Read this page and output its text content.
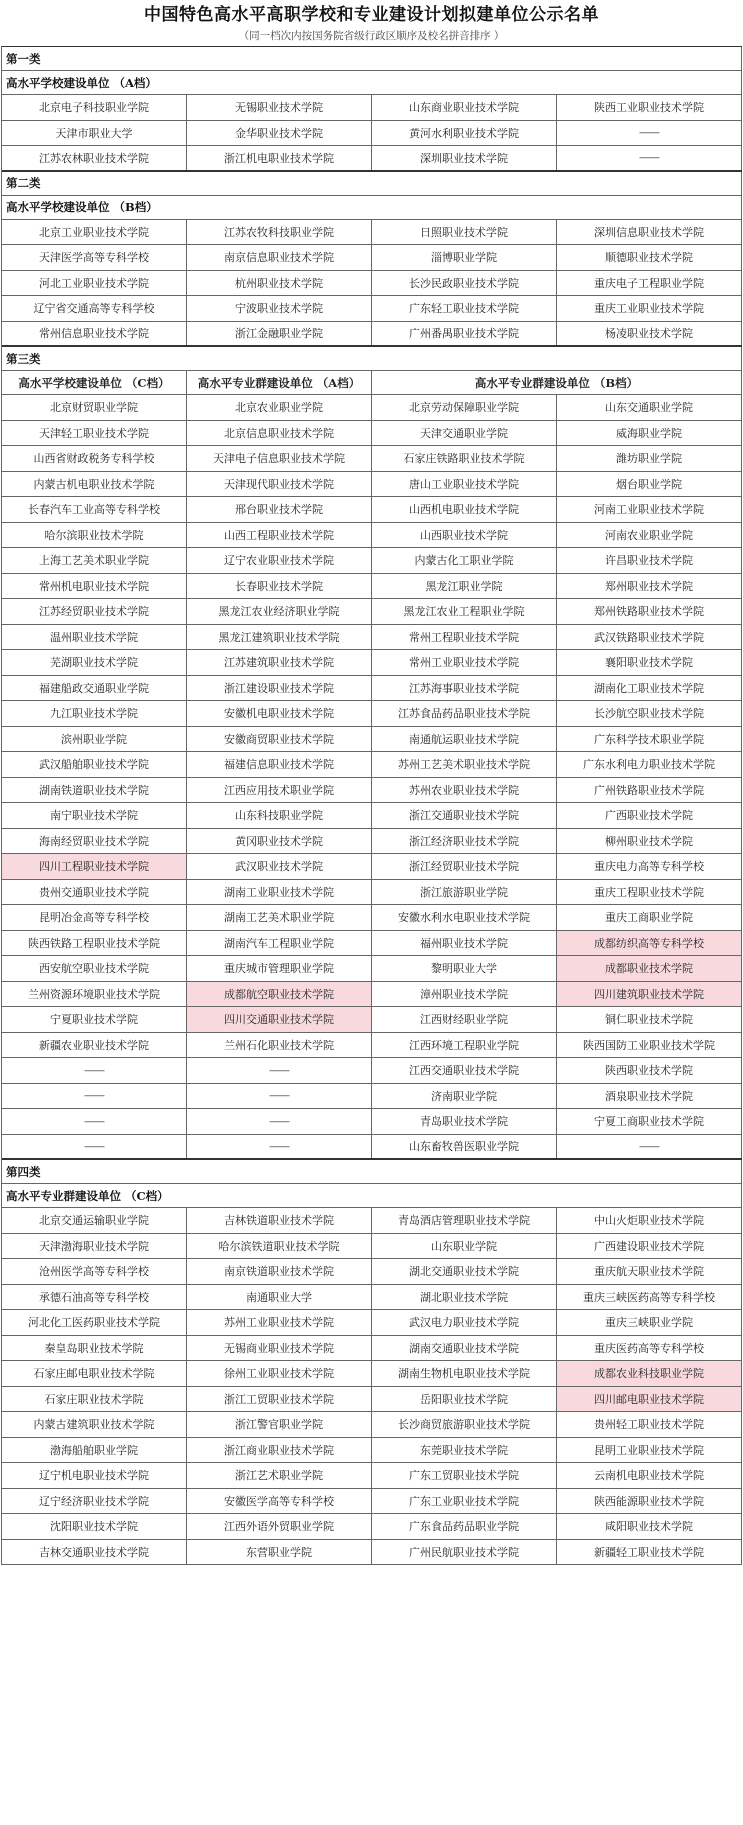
中国特色高水平高职学校和专业建设计划拟建单位公示名单
（同一档次内按国务院省级行政区顺序及校名拼音排序 ）
第一类
高水平学校建设单位 （A档）
北京电子科技职业学院	无锡职业技术学院	山东商业职业技术学院	陕西工业职业技术学院
天津市职业大学	金华职业技术学院	黄河水利职业技术学院	——
江苏农林职业技术学院	浙江机电职业技术学院	深圳职业技术学院	——
第二类
高水平学校建设单位 （B档）
北京工业职业技术学院	江苏农牧科技职业学院	日照职业技术学院	深圳信息职业技术学院
天津医学高等专科学校	南京信息职业技术学院	淄博职业学院	顺德职业技术学院
河北工业职业技术学院	杭州职业技术学院	长沙民政职业技术学院	重庆电子工程职业学院
辽宁省交通高等专科学校	宁波职业技术学院	广东轻工职业技术学院	重庆工业职业技术学院
常州信息职业技术学院	浙江金融职业学院	广州番禺职业技术学院	杨凌职业技术学院
第三类
高水平学校建设单位 （C档）	高水平专业群建设单位 （A档）	高水平专业群建设单位 （B档）
北京财贸职业学院	北京农业职业学院	北京劳动保障职业学院	山东交通职业学院
天津轻工职业技术学院	北京信息职业技术学院	天津交通职业学院	威海职业学院
山西省财政税务专科学校	天津电子信息职业技术学院	石家庄铁路职业技术学院	潍坊职业学院
内蒙古机电职业技术学院	天津现代职业技术学院	唐山工业职业技术学院	烟台职业学院
长春汽车工业高等专科学校	邢台职业技术学院	山西机电职业技术学院	河南工业职业技术学院
哈尔滨职业技术学院	山西工程职业技术学院	山西职业技术学院	河南农业职业学院
上海工艺美术职业学院	辽宁农业职业技术学院	内蒙古化工职业学院	许昌职业技术学院
常州机电职业技术学院	长春职业技术学院	黑龙江职业学院	郑州职业技术学院
江苏经贸职业技术学院	黑龙江农业经济职业学院	黑龙江农业工程职业学院	郑州铁路职业技术学院
温州职业技术学院	黑龙江建筑职业技术学院	常州工程职业技术学院	武汉铁路职业技术学院
芜湖职业技术学院	江苏建筑职业技术学院	常州工业职业技术学院	襄阳职业技术学院
福建船政交通职业学院	浙江建设职业技术学院	江苏海事职业技术学院	湖南化工职业技术学院
九江职业技术学院	安徽机电职业技术学院	江苏食品药品职业技术学院	长沙航空职业技术学院
滨州职业学院	安徽商贸职业技术学院	南通航运职业技术学院	广东科学技术职业学院
武汉船舶职业技术学院	福建信息职业技术学院	苏州工艺美术职业技术学院	广东水利电力职业技术学院
湖南铁道职业技术学院	江西应用技术职业学院	苏州农业职业技术学院	广州铁路职业技术学院
南宁职业技术学院	山东科技职业学院	浙江交通职业技术学院	广西职业技术学院
海南经贸职业技术学院	黄冈职业技术学院	浙江经济职业技术学院	柳州职业技术学院
四川工程职业技术学院	武汉职业技术学院	浙江经贸职业技术学院	重庆电力高等专科学校
贵州交通职业技术学院	湖南工业职业技术学院	浙江旅游职业学院	重庆工程职业技术学院
昆明冶金高等专科学校	湖南工艺美术职业学院	安徽水利水电职业技术学院	重庆工商职业学院
陕西铁路工程职业技术学院	湖南汽车工程职业学院	福州职业技术学院	成都纺织高等专科学校
西安航空职业技术学院	重庆城市管理职业学院	黎明职业大学	成都职业技术学院
兰州资源环境职业技术学院	成都航空职业技术学院	漳州职业技术学院	四川建筑职业技术学院
宁夏职业技术学院	四川交通职业技术学院	江西财经职业学院	铜仁职业技术学院
新疆农业职业技术学院	兰州石化职业技术学院	江西环境工程职业学院	陕西国防工业职业技术学院
——	——	江西交通职业技术学院	陕西职业技术学院
——	——	济南职业学院	酒泉职业技术学院
——	——	青岛职业技术学院	宁夏工商职业技术学院
——	——	山东畜牧兽医职业学院	——
第四类
高水平专业群建设单位 （C档）
北京交通运输职业学院	吉林铁道职业技术学院	青岛酒店管理职业技术学院	中山火炬职业技术学院
天津渤海职业技术学院	哈尔滨铁道职业技术学院	山东职业学院	广西建设职业技术学院
沧州医学高等专科学校	南京铁道职业技术学院	湖北交通职业技术学院	重庆航天职业技术学院
承德石油高等专科学校	南通职业大学	湖北职业技术学院	重庆三峡医药高等专科学校
河北化工医药职业技术学院	苏州工业职业技术学院	武汉电力职业技术学院	重庆三峡职业学院
秦皇岛职业技术学院	无锡商业职业技术学院	湖南交通职业技术学院	重庆医药高等专科学校
石家庄邮电职业技术学院	徐州工业职业技术学院	湖南生物机电职业技术学院	成都农业科技职业学院
石家庄职业技术学院	浙江工贸职业技术学院	岳阳职业技术学院	四川邮电职业技术学院
内蒙古建筑职业技术学院	浙江警官职业学院	长沙商贸旅游职业技术学院	贵州轻工职业技术学院
渤海船舶职业学院	浙江商业职业技术学院	东莞职业技术学院	昆明工业职业技术学院
辽宁机电职业技术学院	浙江艺术职业学院	广东工贸职业技术学院	云南机电职业技术学院
辽宁经济职业技术学院	安徽医学高等专科学校	广东工业职业技术学院	陕西能源职业技术学院
沈阳职业技术学院	江西外语外贸职业学院	广东食品药品职业学院	咸阳职业技术学院
吉林交通职业技术学院	东营职业学院	广州民航职业技术学院	新疆轻工职业技术学院
